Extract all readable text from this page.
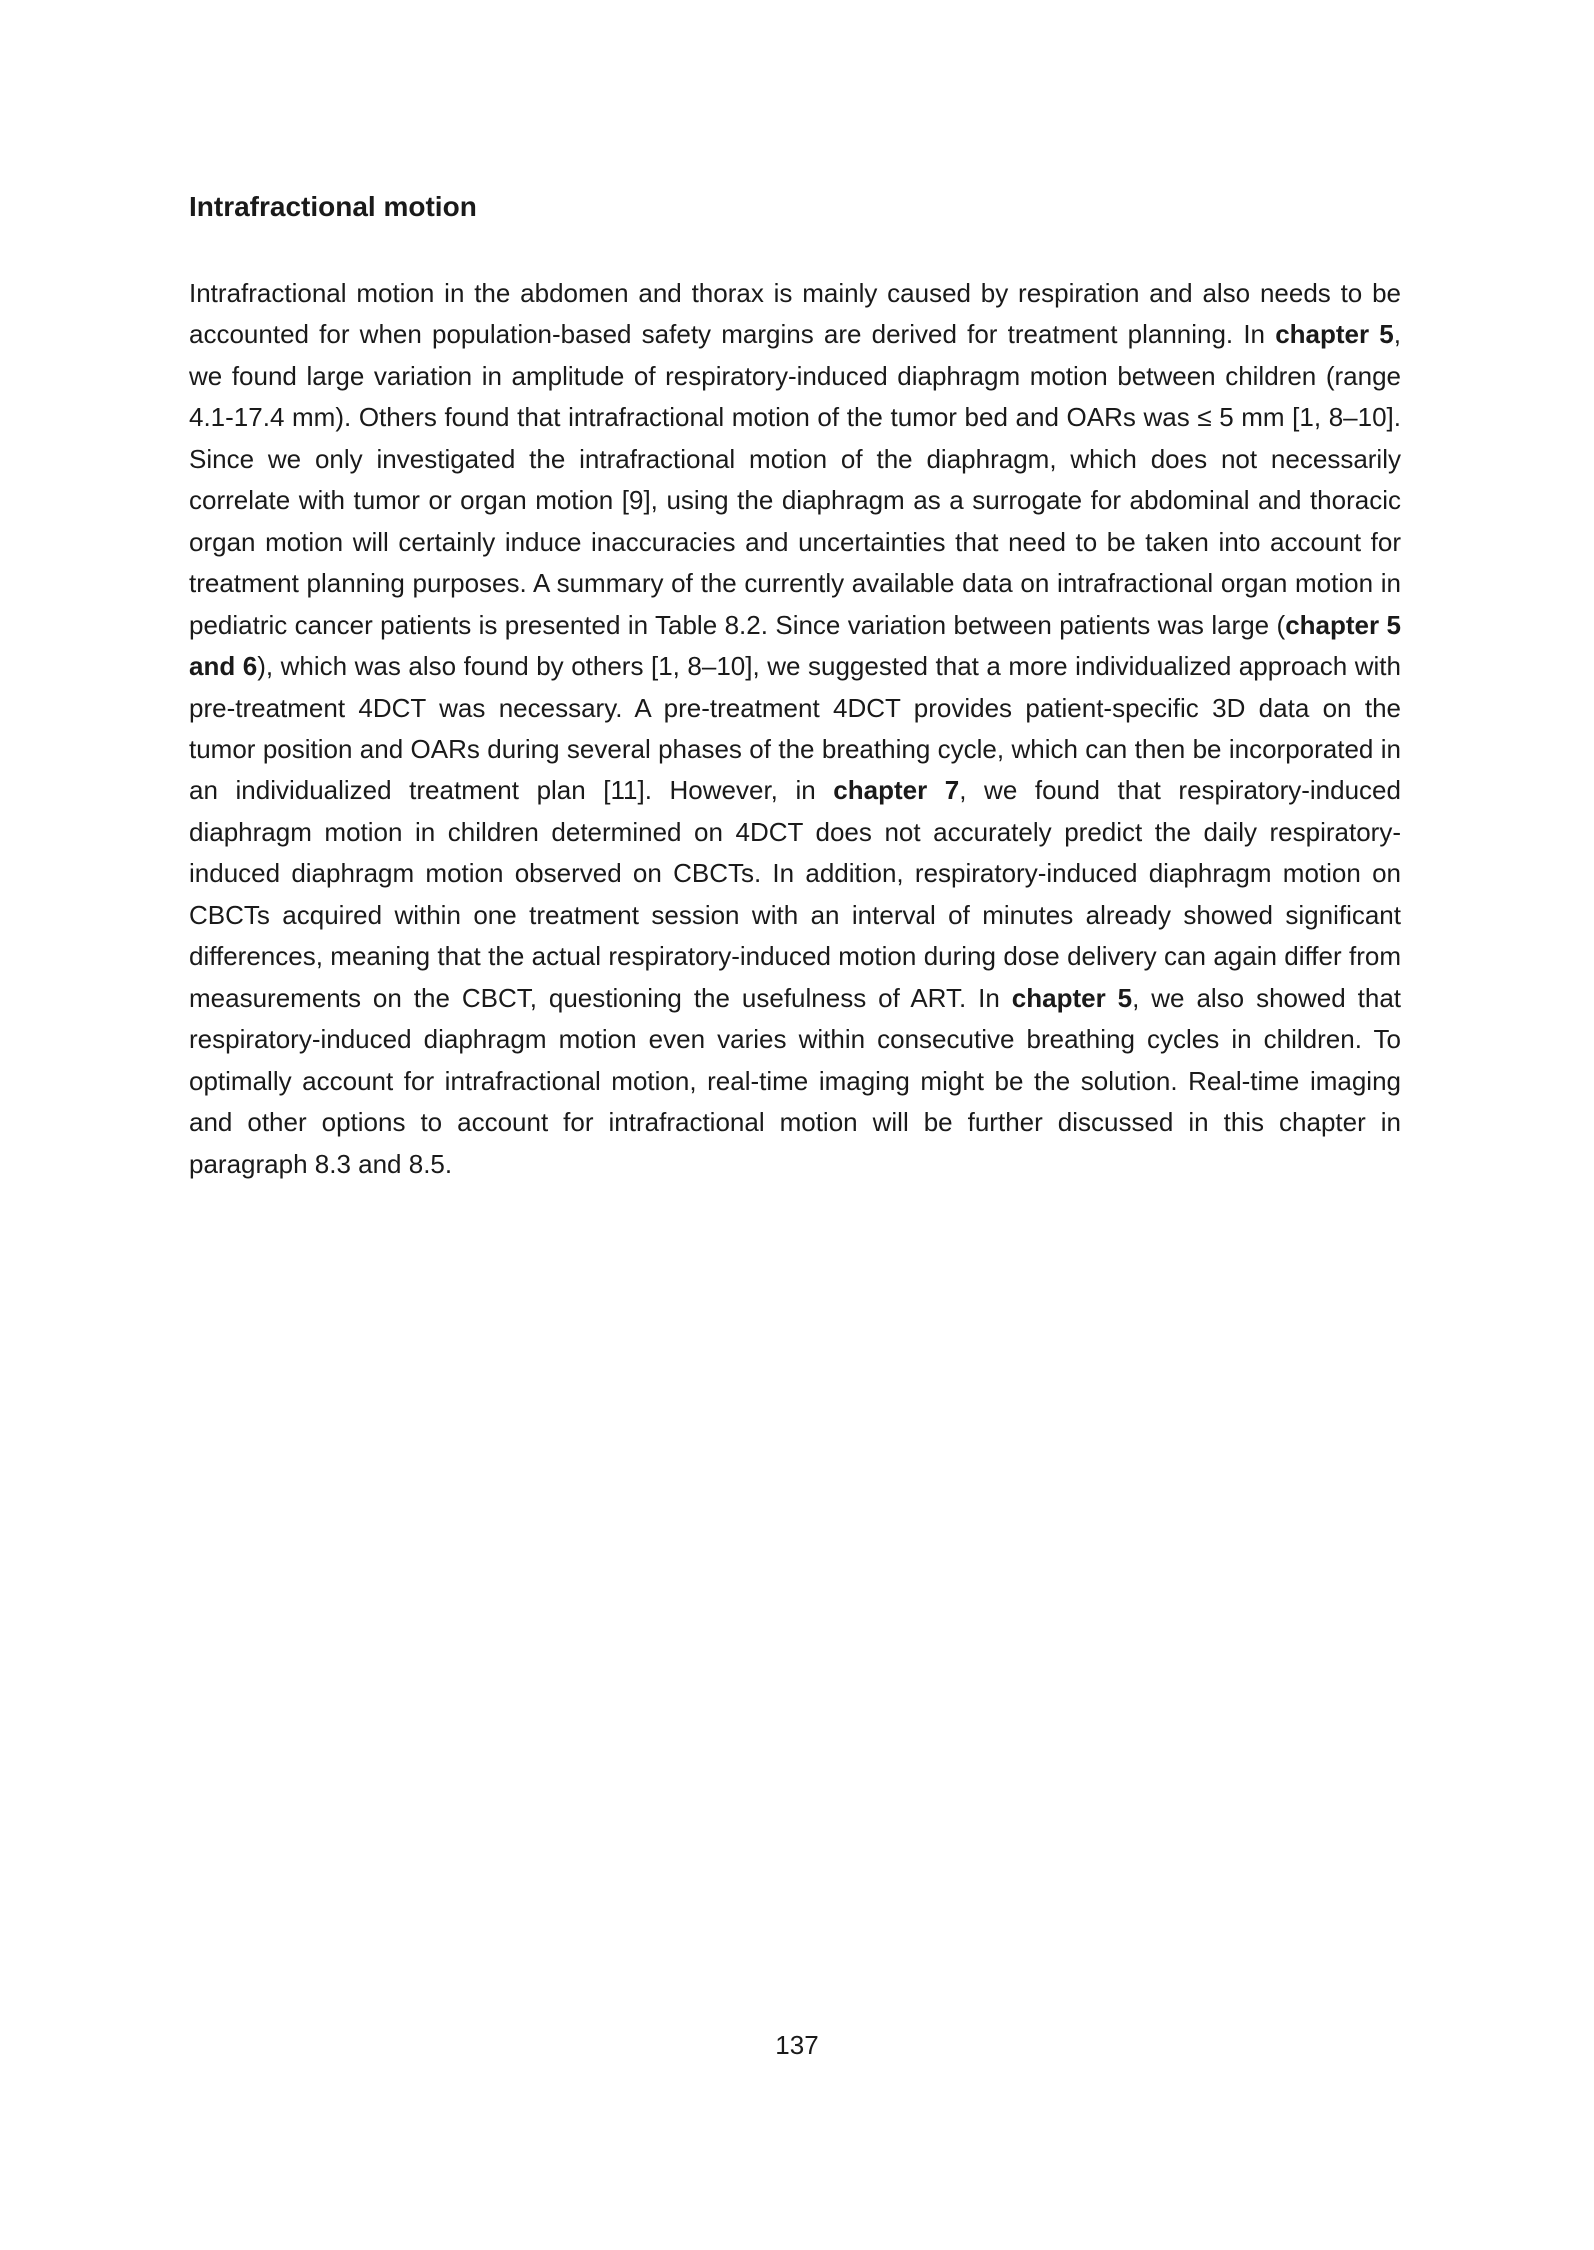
Intrafractional motion

Intrafractional motion in the abdomen and thorax is mainly caused by respiration and also needs to be accounted for when population-based safety margins are derived for treatment planning. In chapter 5, we found large variation in amplitude of respiratory-induced diaphragm motion between children (range 4.1-17.4 mm). Others found that intrafractional motion of the tumor bed and OARs was ≤ 5 mm [1, 8–10]. Since we only investigated the intrafractional motion of the diaphragm, which does not necessarily correlate with tumor or organ motion [9], using the diaphragm as a surrogate for abdominal and thoracic organ motion will certainly induce inaccuracies and uncertainties that need to be taken into account for treatment planning purposes. A summary of the currently available data on intrafractional organ motion in pediatric cancer patients is presented in Table 8.2. Since variation between patients was large (chapter 5 and 6), which was also found by others [1, 8–10], we suggested that a more individualized approach with pre-treatment 4DCT was necessary. A pre-treatment 4DCT provides patient-specific 3D data on the tumor position and OARs during several phases of the breathing cycle, which can then be incorporated in an individualized treatment plan [11]. However, in chapter 7, we found that respiratory-induced diaphragm motion in children determined on 4DCT does not accurately predict the daily respiratory-induced diaphragm motion observed on CBCTs. In addition, respiratory-induced diaphragm motion on CBCTs acquired within one treatment session with an interval of minutes already showed significant differences, meaning that the actual respiratory-induced motion during dose delivery can again differ from measurements on the CBCT, questioning the usefulness of ART. In chapter 5, we also showed that respiratory-induced diaphragm motion even varies within consecutive breathing cycles in children. To optimally account for intrafractional motion, real-time imaging might be the solution. Real-time imaging and other options to account for intrafractional motion will be further discussed in this chapter in paragraph 8.3 and 8.5.

137
